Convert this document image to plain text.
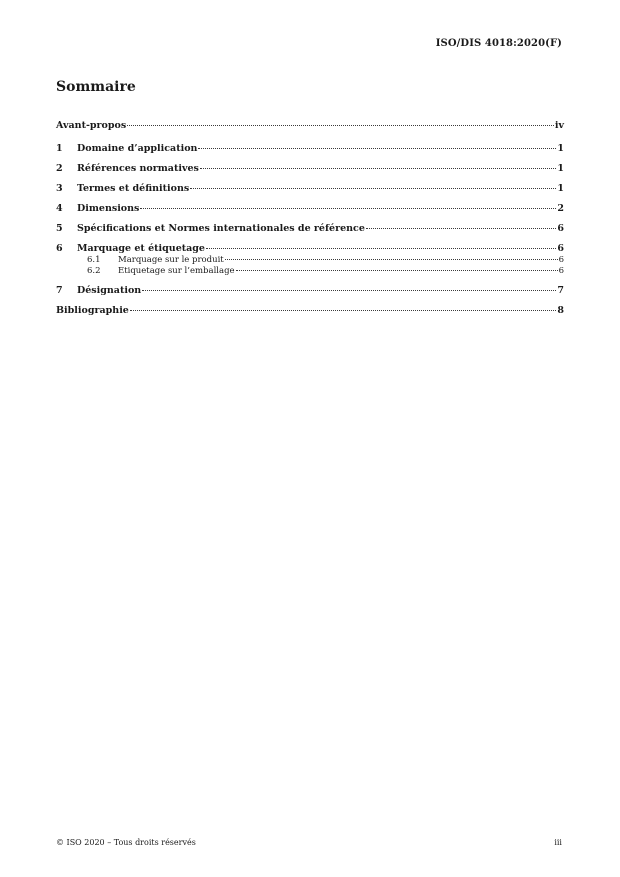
ISO/DIS 4018:2020(F)
Sommaire
Avant-propos	iv
1	Domaine d’application	1
2	Références normatives	1
3	Termes et définitions	1
4	Dimensions	2
5	Spécifications et Normes internationales de référence	6
6	Marquage et étiquetage	6
6.1	Marquage sur le produit	6
6.2	Etiquetage sur l’emballage	6
7	Désignation	7
Bibliographie	8
© ISO 2020 – Tous droits réservés	iii
